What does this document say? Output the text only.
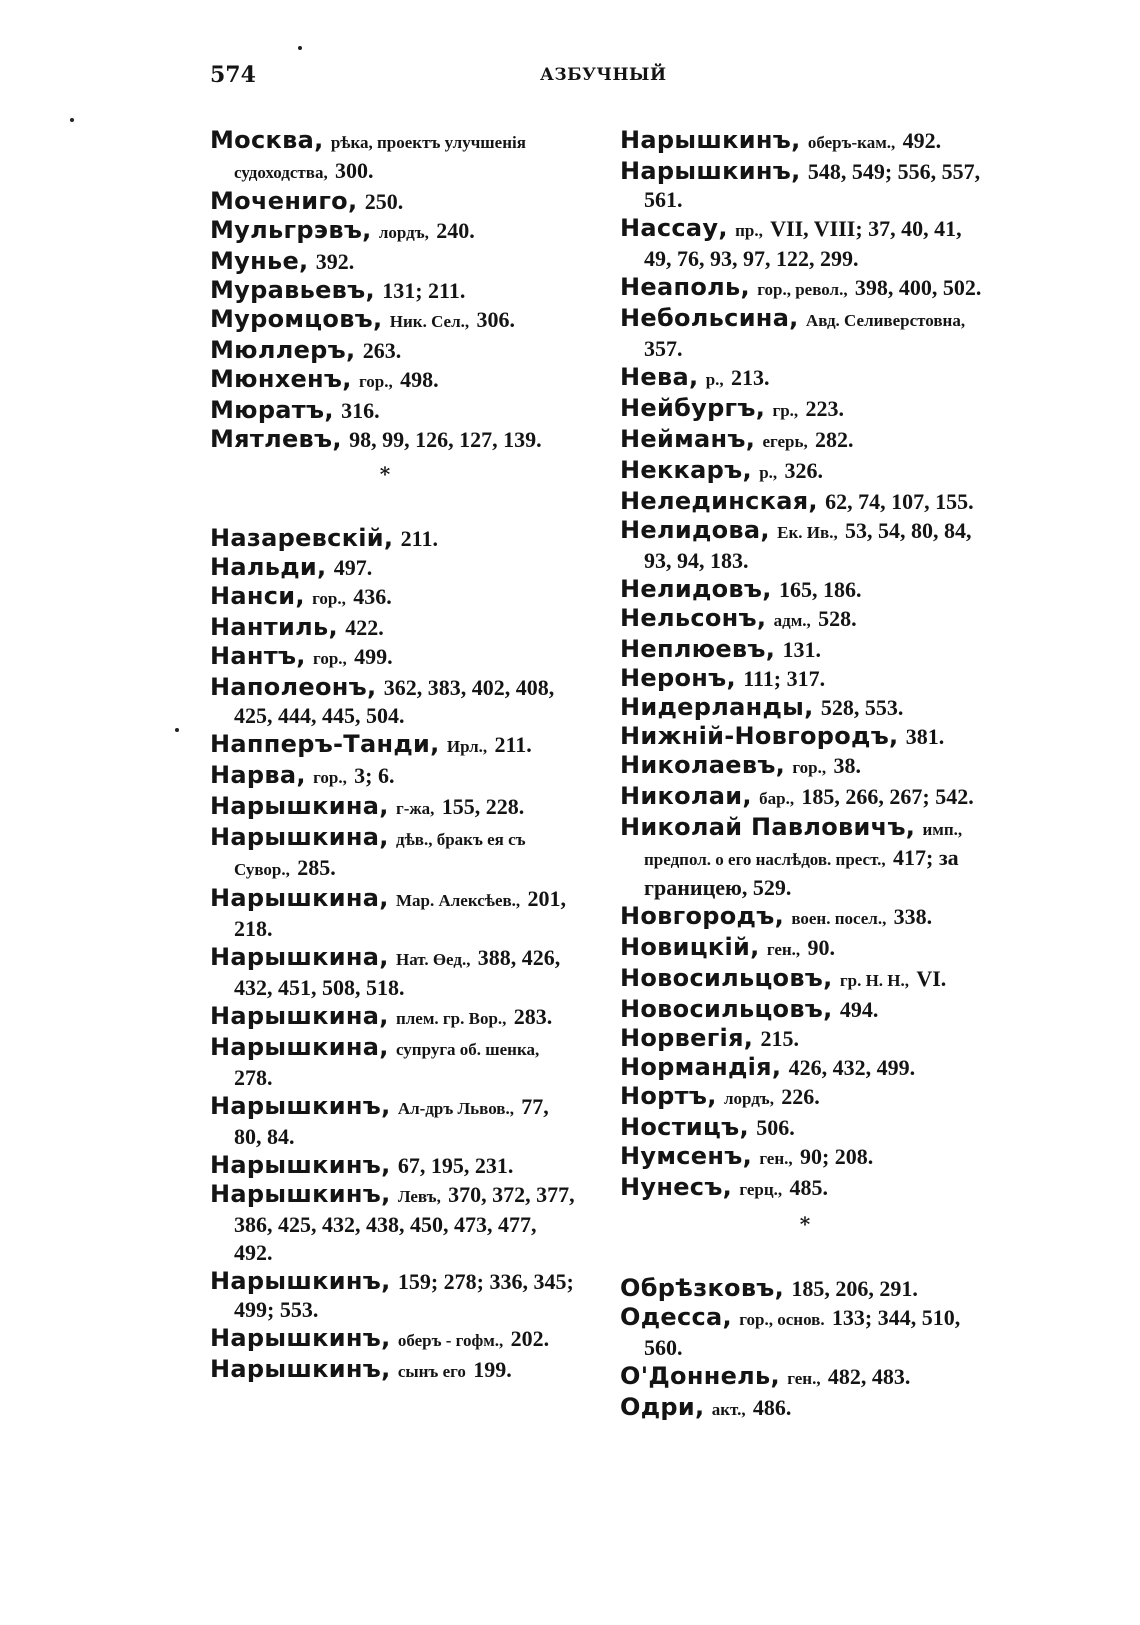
574	АЗБУЧНЫЙ

Москва, рѣка, проектъ улучшенія судоходства, 300.

Мочениго, 250.

Мульгрэвъ, лордъ, 240.

Мунье, 392.

Муравьевъ, 131; 211.

Муромцовъ, Ник. Сел., 306.

Мюллеръ, 263.

Мюнхенъ, гор., 498.

Мюратъ, 316.

Мятлевъ, 98, 99, 126, 127, 139.

*

Назаревскій, 211.

Нальди, 497.

Нанси, гор., 436.

Нантиль, 422.

Нантъ, гор., 499.

Наполеонъ, 362, 383, 402, 408, 425, 444, 445, 504.

Напперъ-Танди, Ирл., 211.

Нарва, гор., 3; 6.

Нарышкина, г-жа, 155, 228.

Нарышкина, дѣв., бракъ ея съ Сувор., 285.

Нарышкина, Мар. Алексѣев., 201, 218.

Нарышкина, Нат. Өед., 388, 426, 432, 451, 508, 518.

Нарышкина, плем. гр. Вор., 283.

Нарышкина, супруга об. шенка, 278.

Нарышкинъ, Ал-дръ Львов., 77, 80, 84.

Нарышкинъ, 67, 195, 231.

Нарышкинъ, Левъ, 370, 372, 377, 386, 425, 432, 438, 450, 473, 477, 492.

Нарышкинъ, 159; 278; 336, 345; 499; 553.

Нарышкинъ, оберъ - гофм., 202.

Нарышкинъ, сынъ его 199.

Нарышкинъ, оберъ-кам., 492.

Нарышкинъ, 548, 549; 556, 557, 561.

Нассау, пр., VII, VIII; 37, 40, 41, 49, 76, 93, 97, 122, 299.

Неаполь, гор., револ., 398, 400, 502.

Небольсина, Авд. Селиверстовна, 357.

Нева, р., 213.

Нейбургъ, гр., 223.

Нейманъ, егерь, 282.

Неккаръ, р., 326.

Нелединская, 62, 74, 107, 155.

Нелидова, Ек. Ив., 53, 54, 80, 84, 93, 94, 183.

Нелидовъ, 165, 186.

Нельсонъ, адм., 528.

Неплюевъ, 131.

Неронъ, 111; 317.

Нидерланды, 528, 553.

Нижній-Новгородъ, 381.

Николаевъ, гор., 38.

Николаи, бар., 185, 266, 267; 542.

Николай Павловичъ, имп., предпол. о его наслѣдов. прест., 417; за границею, 529.

Новгородъ, воен. посел., 338.

Новицкій, ген., 90.

Новосильцовъ, гр. Н. Н., VI.

Новосильцовъ, 494.

Норвегія, 215.

Нормандія, 426, 432, 499.

Нортъ, лордъ, 226.

Ностицъ, 506.

Нумсенъ, ген., 90; 208.

Нунесъ, герц., 485.

*

Обрѣзковъ, 185, 206, 291.

Одесса, гор., основ. 133; 344, 510, 560.

О'Доннель, ген., 482, 483.

Одри, акт., 486.
